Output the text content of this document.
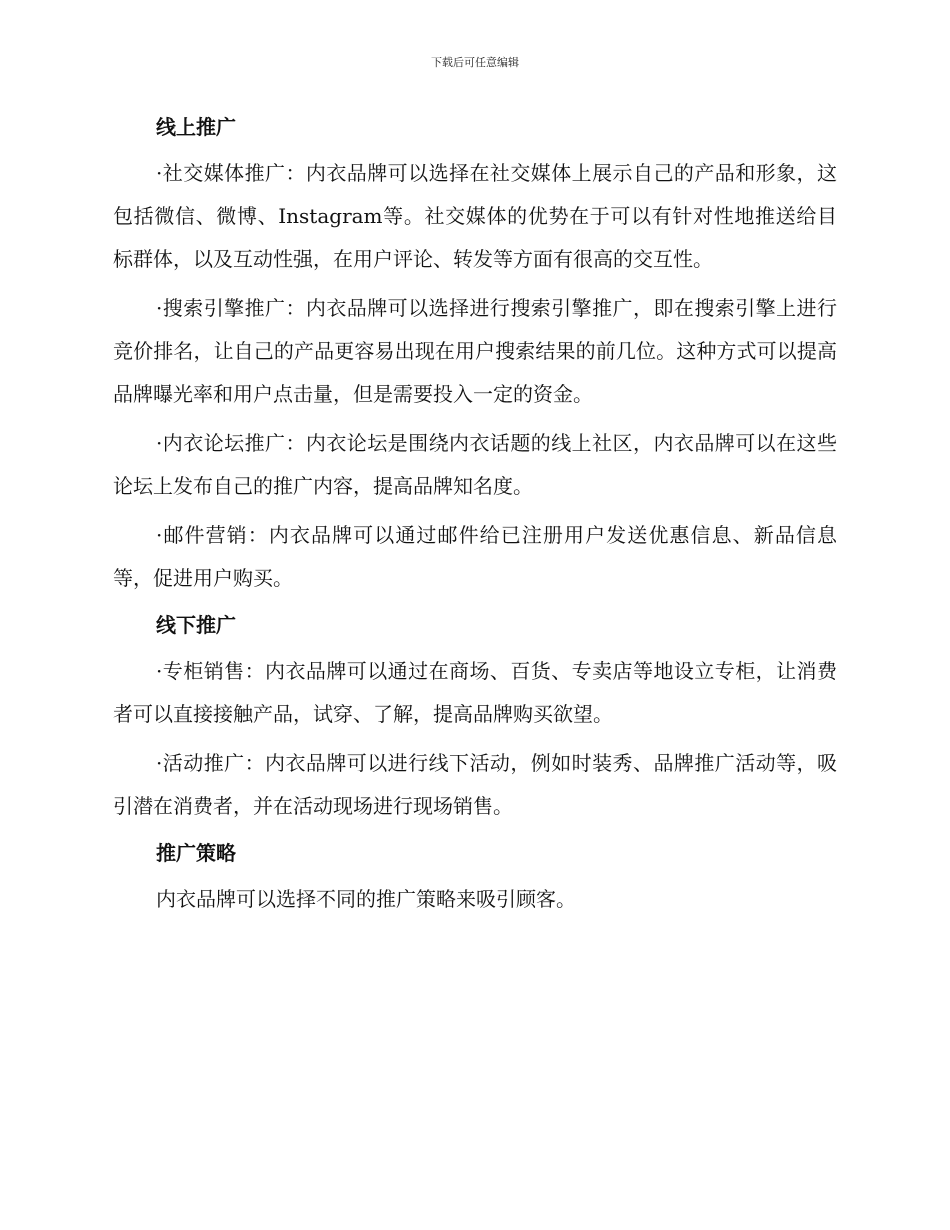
下载后可任意编辑
线上推广

·社交媒体推广：内衣品牌可以选择在社交媒体上展示自己的产品和形象，这包括微信、微博、Instagram等。社交媒体的优势在于可以有针对性地推送给目标群体，以及互动性强，在用户评论、转发等方面有很高的交互性。

·搜索引擎推广：内衣品牌可以选择进行搜索引擎推广，即在搜索引擎上进行竞价排名，让自己的产品更容易出现在用户搜索结果的前几位。这种方式可以提高品牌曝光率和用户点击量，但是需要投入一定的资金。

·内衣论坛推广：内衣论坛是围绕内衣话题的线上社区，内衣品牌可以在这些论坛上发布自己的推广内容，提高品牌知名度。

·邮件营销：内衣品牌可以通过邮件给已注册用户发送优惠信息、新品信息等，促进用户购买。

线下推广

·专柜销售：内衣品牌可以通过在商场、百货、专卖店等地设立专柜，让消费者可以直接接触产品，试穿、了解，提高品牌购买欲望。

·活动推广：内衣品牌可以进行线下活动，例如时装秀、品牌推广活动等，吸引潜在消费者，并在活动现场进行现场销售。

推广策略

内衣品牌可以选择不同的推广策略来吸引顾客。
